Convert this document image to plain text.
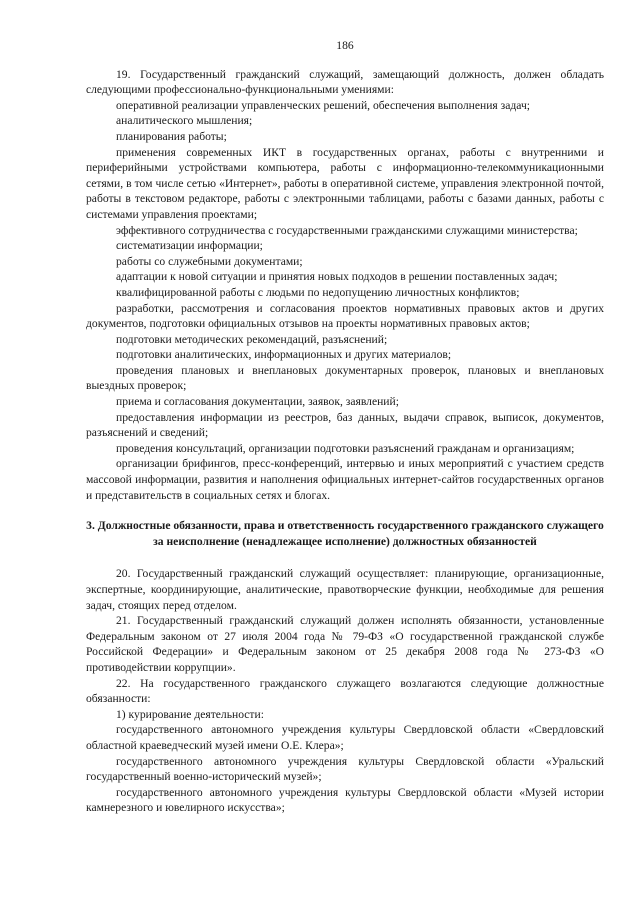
186

19. Государственный гражданский служащий, замещающий должность, должен обладать следующими профессионально-функциональными умениями:

оперативной реализации управленческих решений, обеспечения выполнения задач;

аналитического мышления;

планирования работы;

применения современных ИКТ в государственных органах, работы с внутренними и периферийными устройствами компьютера, работы с информационно-телекоммуникационными сетями, в том числе сетью «Интернет», работы в оперативной системе, управления электронной почтой, работы в текстовом редакторе, работы с электронными таблицами, работы с базами данных, работы с системами управления проектами;

эффективного сотрудничества с государственными гражданскими служащими министерства;

систематизации информации;

работы со служебными документами;

адаптации к новой ситуации и принятия новых подходов в решении поставленных задач;

квалифицированной работы с людьми по недопущению личностных конфликтов;

разработки, рассмотрения и согласования проектов нормативных правовых актов и других документов, подготовки официальных отзывов на проекты нормативных правовых актов;

подготовки методических рекомендаций, разъяснений;

подготовки аналитических, информационных и других материалов;

проведения плановых и внеплановых документарных проверок, плановых и внеплановых выездных проверок;

приема и согласования документации, заявок, заявлений;

предоставления информации из реестров, баз данных, выдачи справок, выписок, документов, разъяснений и сведений;

проведения консультаций, организации подготовки разъяснений гражданам и организациям;

организации брифингов, пресс-конференций, интервью и иных мероприятий с участием средств массовой информации, развития и наполнения официальных интернет-сайтов государственных органов и представительств в социальных сетях и блогах.

3. Должностные обязанности, права и ответственность государственного гражданского служащего за неисполнение (ненадлежащее исполнение) должностных обязанностей

20. Государственный гражданский служащий осуществляет: планирующие, организационные, экспертные, координирующие, аналитические, правотворческие функции, необходимые для решения задач, стоящих перед отделом.

21. Государственный гражданский служащий должен исполнять обязанности, установленные Федеральным законом от 27 июля 2004 года № 79-ФЗ «О государственной гражданской службе Российской Федерации» и Федеральным законом от 25 декабря 2008 года № 273-ФЗ «О противодействии коррупции».

22. На государственного гражданского служащего возлагаются следующие должностные обязанности:

1) курирование деятельности:

государственного автономного учреждения культуры Свердловской области «Свердловский областной краеведческий музей имени О.Е. Клера»;

государственного автономного учреждения культуры Свердловской области «Уральский государственный военно-исторический музей»;

государственного автономного учреждения культуры Свердловской области «Музей истории камнерезного и ювелирного искусства»;
